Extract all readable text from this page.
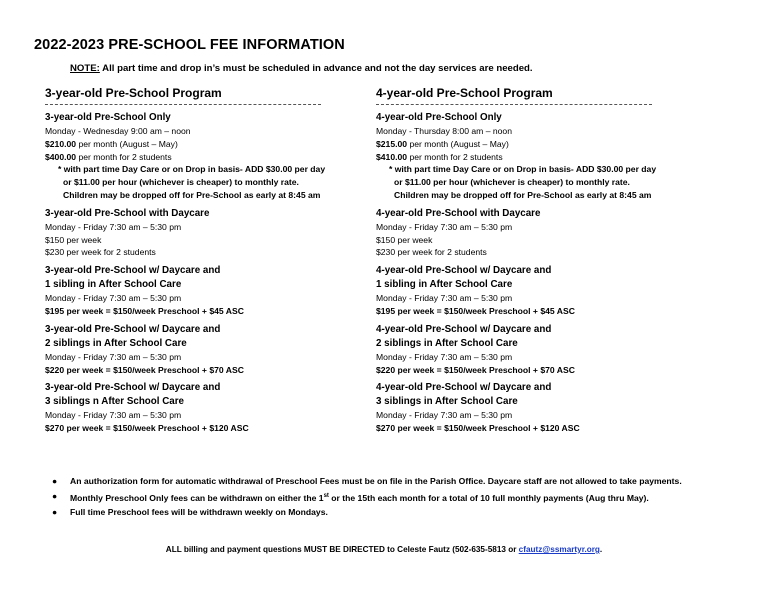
2022-2023 PRE-SCHOOL FEE INFORMATION
NOTE: All part time and drop in’s must be scheduled in advance and not the day services are needed.
3-year-old Pre-School Program
3-year-old Pre-School Only
Monday - Wednesday 9:00 am – noon
$210.00 per month (August – May)
$400.00 per month for 2 students
* with part time Day Care or on Drop in basis- ADD $30.00 per day
or $11.00 per hour (whichever is cheaper) to monthly rate.
Children may be dropped off for Pre-School as early at 8:45 am
3-year-old Pre-School with Daycare
Monday - Friday 7:30 am – 5:30 pm
$150 per week
$230 per week for 2 students
3-year-old Pre-School w/ Daycare and
1 sibling in After School Care
Monday - Friday 7:30 am – 5:30 pm
$195 per week = $150/week Preschool + $45 ASC
3-year-old Pre-School w/ Daycare and
2 siblings in After School Care
Monday - Friday 7:30 am – 5:30 pm
$220 per week = $150/week Preschool + $70 ASC
3-year-old Pre-School w/ Daycare and
3 siblings n After School Care
Monday - Friday 7:30 am – 5:30 pm
$270 per week = $150/week Preschool + $120 ASC
4-year-old Pre-School Program
4-year-old Pre-School Only
Monday - Thursday 8:00 am – noon
$215.00 per month (August – May)
$410.00 per month for 2 students
* with part time Day Care or on Drop in basis- ADD $30.00 per day
or $11.00 per hour (whichever is cheaper) to monthly rate.
Children may be dropped off for Pre-School as early at 8:45 am
4-year-old Pre-School with Daycare
Monday - Friday 7:30 am – 5:30 pm
$150 per week
$230 per week for 2 students
4-year-old Pre-School w/ Daycare and
1 sibling in After School Care
Monday - Friday 7:30 am – 5:30 pm
$195 per week = $150/week Preschool + $45 ASC
4-year-old Pre-School w/ Daycare and
2 siblings in After School Care
Monday - Friday 7:30 am – 5:30 pm
$220 per week = $150/week Preschool + $70 ASC
4-year-old Pre-School w/ Daycare and
3 siblings in After School Care
Monday - Friday 7:30 am – 5:30 pm
$270 per week = $150/week Preschool + $120 ASC
● An authorization form for automatic withdrawal of Preschool Fees must be on file in the Parish Office. Daycare staff are not allowed to take payments.
● Monthly Preschool Only fees can be withdrawn on either the 1st or the 15th each month for a total of 10 full monthly payments (Aug thru May).
● Full time Preschool fees will be withdrawn weekly on Mondays.
ALL billing and payment questions MUST BE DIRECTED to Celeste Fautz (502-635-5813 or cfautz@ssmartyr.org.
